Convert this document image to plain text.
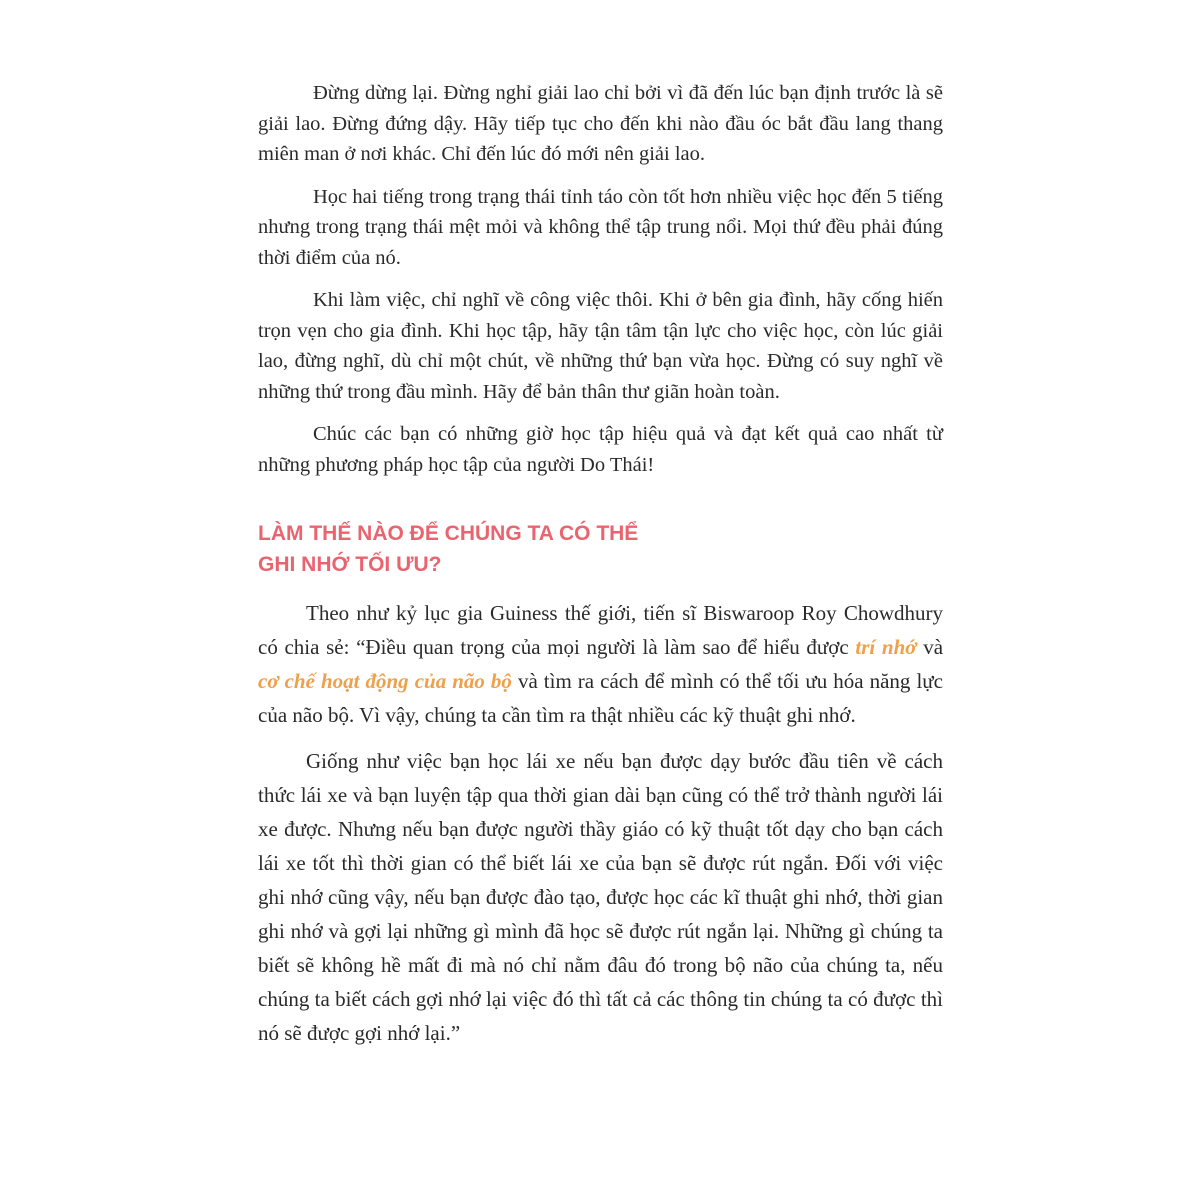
Đừng dừng lại. Đừng nghỉ giải lao chỉ bởi vì đã đến lúc bạn định trước là sẽ giải lao. Đừng đứng dậy. Hãy tiếp tục cho đến khi nào đầu óc bắt đầu lang thang miên man ở nơi khác. Chỉ đến lúc đó mới nên giải lao.

Học hai tiếng trong trạng thái tỉnh táo còn tốt hơn nhiều việc học đến 5 tiếng nhưng trong trạng thái mệt mỏi và không thể tập trung nổi. Mọi thứ đều phải đúng thời điểm của nó.

Khi làm việc, chỉ nghĩ về công việc thôi. Khi ở bên gia đình, hãy cống hiến trọn vẹn cho gia đình. Khi học tập, hãy tận tâm tận lực cho việc học, còn lúc giải lao, đừng nghĩ, dù chỉ một chút, về những thứ bạn vừa học. Đừng có suy nghĩ về những thứ trong đầu mình. Hãy để bản thân thư giãn hoàn toàn.

Chúc các bạn có những giờ học tập hiệu quả và đạt kết quả cao nhất từ những phương pháp học tập của người Do Thái!

LÀM THẾ NÀO ĐỂ CHÚNG TA CÓ THỂ
GHI NHỚ TỐI ƯU?

Theo như kỷ lục gia Guiness thế giới, tiến sĩ Biswaroop Roy Chowdhury có chia sẻ: “Điều quan trọng của mọi người là làm sao để hiểu được trí nhớ và cơ chế hoạt động của não bộ và tìm ra cách để mình có thể tối ưu hóa năng lực của não bộ. Vì vậy, chúng ta cần tìm ra thật nhiều các kỹ thuật ghi nhớ.

Giống như việc bạn học lái xe nếu bạn được dạy bước đầu tiên về cách thức lái xe và bạn luyện tập qua thời gian dài bạn cũng có thể trở thành người lái xe được. Nhưng nếu bạn được người thầy giáo có kỹ thuật tốt dạy cho bạn cách lái xe tốt thì thời gian có thể biết lái xe của bạn sẽ được rút ngắn. Đối với việc ghi nhớ cũng vậy, nếu bạn được đào tạo, được học các kĩ thuật ghi nhớ, thời gian ghi nhớ và gợi lại những gì mình đã học sẽ được rút ngắn lại. Những gì chúng ta biết sẽ không hề mất đi mà nó chỉ nằm đâu đó trong bộ não của chúng ta, nếu chúng ta biết cách gợi nhớ lại việc đó thì tất cả các thông tin chúng ta có được thì nó sẽ được gợi nhớ lại.”
